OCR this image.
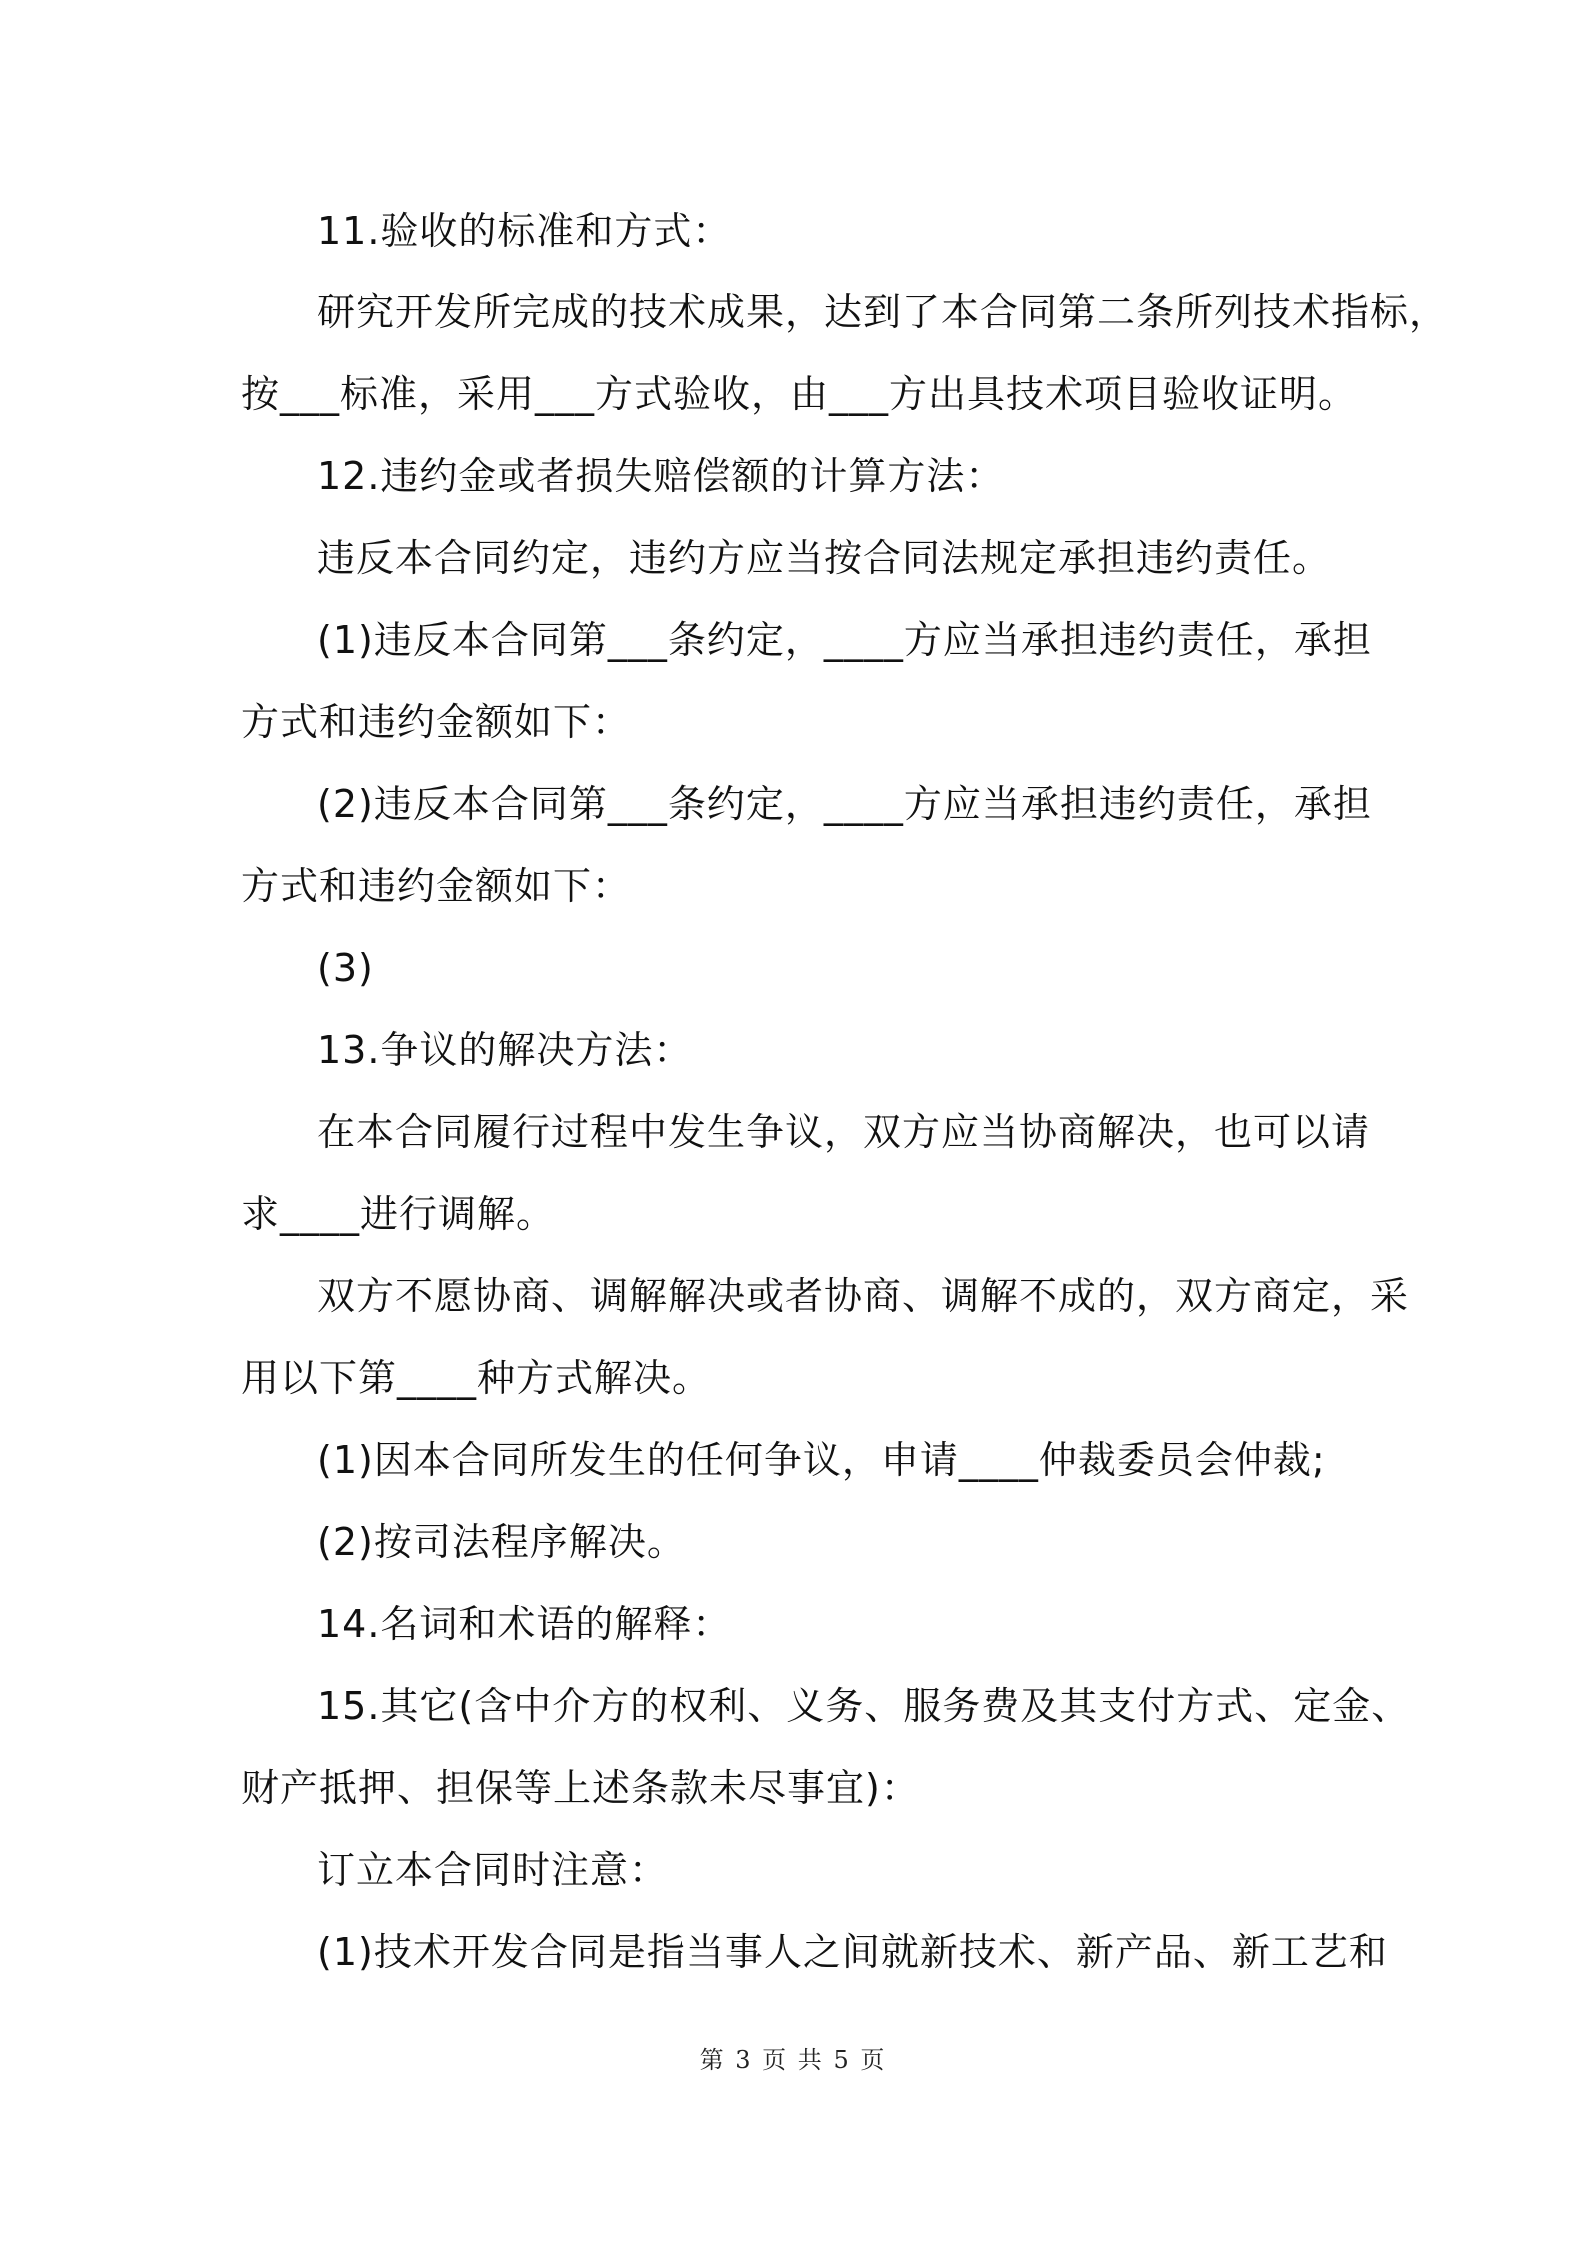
11.验收的标准和方式：
研究开发所完成的技术成果，达到了本合同第二条所列技术指标，
按___标准，采用___方式验收，由___方出具技术项目验收证明。
12.违约金或者损失赔偿额的计算方法：
违反本合同约定，违约方应当按合同法规定承担违约责任。
(1)违反本合同第___条约定，____方应当承担违约责任，承担
方式和违约金额如下：
(2)违反本合同第___条约定，____方应当承担违约责任，承担
方式和违约金额如下：
(3)
13.争议的解决方法：
在本合同履行过程中发生争议，双方应当协商解决，也可以请
求____进行调解。
双方不愿协商、调解解决或者协商、调解不成的，双方商定，采
用以下第____种方式解决。
(1)因本合同所发生的任何争议，申请____仲裁委员会仲裁;
(2)按司法程序解决。
14.名词和术语的解释：
15.其它(含中介方的权利、义务、服务费及其支付方式、定金、
财产抵押、担保等上述条款未尽事宜)：
订立本合同时注意：
(1)技术开发合同是指当事人之间就新技术、新产品、新工艺和
第 3 页 共 5 页
